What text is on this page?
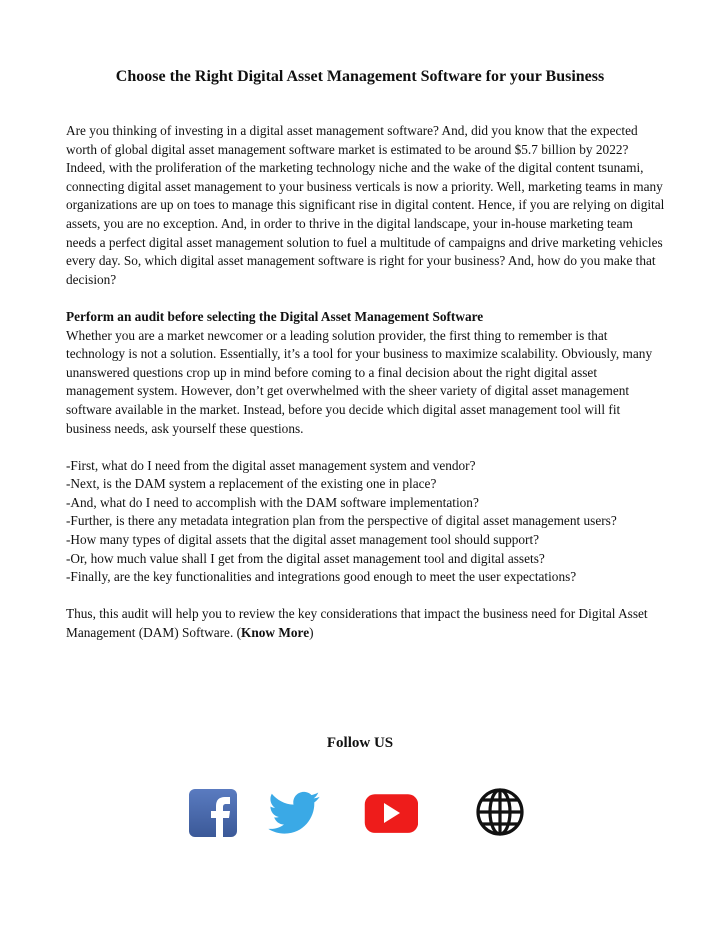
Choose the Right Digital Asset Management Software for your Business

Are you thinking of investing in a digital asset management software? And, did you know that the expected worth of global digital asset management software market is estimated to be around $5.7 billion by 2022? Indeed, with the proliferation of the marketing technology niche and the wake of the digital content tsunami, connecting digital asset management to your business verticals is now a priority. Well, marketing teams in many organizations are up on toes to manage this significant rise in digital content. Hence, if you are relying on digital assets, you are no exception. And, in order to thrive in the digital landscape, your in-house marketing team needs a perfect digital asset management solution to fuel a multitude of campaigns and drive marketing vehicles every day. So, which digital asset management software is right for your business? And, how do you make that decision?

Perform an audit before selecting the Digital Asset Management Software

Whether you are a market newcomer or a leading solution provider, the first thing to remember is that technology is not a solution. Essentially, it’s a tool for your business to maximize scalability. Obviously, many unanswered questions crop up in mind before coming to a final decision about the right digital asset management system. However, don’t get overwhelmed with the sheer variety of digital asset management software available in the market. Instead, before you decide which digital asset management tool will fit business needs, ask yourself these questions.

-First, what do I need from the digital asset management system and vendor?

-Next, is the DAM system a replacement of the existing one in place?

-And, what do I need to accomplish with the DAM software implementation?

-Further, is there any metadata integration plan from the perspective of digital asset management users?

-How many types of digital assets that the digital asset management tool should support?

-Or, how much value shall I get from the digital asset management tool and digital assets?

-Finally, are the key functionalities and integrations good enough to meet the user expectations?

Thus, this audit will help you to review the key considerations that impact the business need for Digital Asset Management (DAM) Software. (Know More)

Follow US
